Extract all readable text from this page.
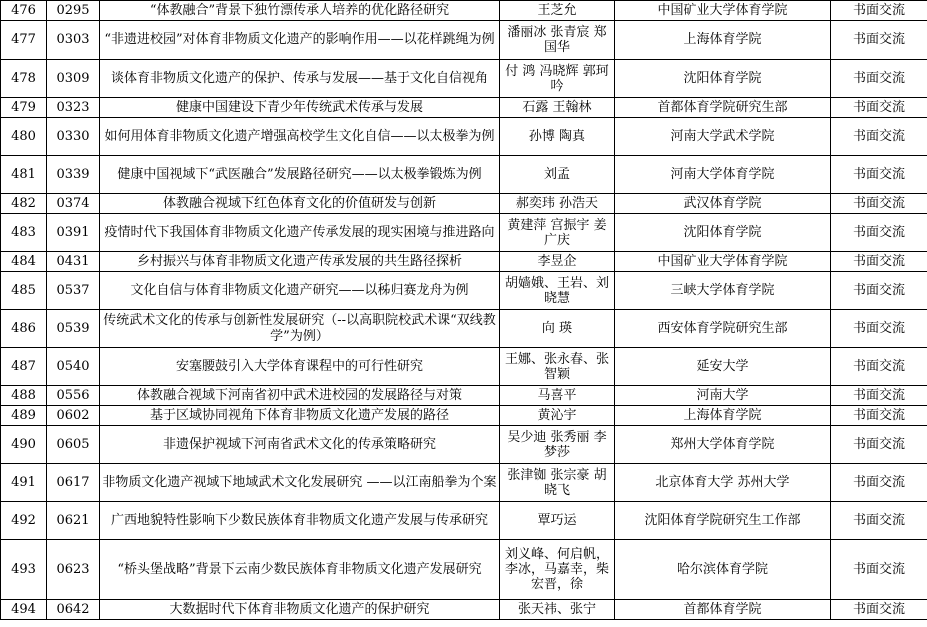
476	0295	“体教融合”背景下独竹漂传承人培养的优化路径研究	王芝允	中国矿业大学体育学院	书面交流
477	0303	“非遗进校园”对体育非物质文化遗产的影响作用——以花样跳绳为例	潘丽冰 张青宸 郑国华	上海体育学院	书面交流
478	0309	谈体育非物质文化遗产的保护、传承与发展——基于文化自信视角	付 鸿 冯晓辉 郭珂吟	沈阳体育学院	书面交流
479	0323	健康中国建设下青少年传统武术传承与发展	石露 王翰林	首都体育学院研究生部	书面交流
480	0330	如何用体育非物质文化遗产增强高校学生文化自信——以太极拳为例	孙博 陶真	河南大学武术学院	书面交流
481	0339	健康中国视域下“武医融合”发展路径研究——以太极拳锻炼为例	刘孟	河南大学体育学院	书面交流
482	0374	体教融合视域下红色体育文化的价值研发与创新	郝奕玮 孙浩天	武汉体育学院	书面交流
483	0391	疫情时代下我国体育非物质文化遗产传承发展的现实困境与推进路向	黄建萍 宫振宇 姜广庆	沈阳体育学院	书面交流
484	0431	乡村振兴与体育非物质文化遗产传承发展的共生路径探析	李昱企	中国矿业大学体育学院	书面交流
485	0537	文化自信与体育非物质文化遗产研究——以秭归赛龙舟为例	胡嫱娥、王岩、刘晓慧	三峡大学体育学院	书面交流
486	0539	传统武术文化的传承与创新性发展研究（--以高职院校武术课“双线教学”为例）	向 瑛	西安体育学院研究生部	书面交流
487	0540	安塞腰鼓引入大学体育课程中的可行性研究	王娜、张永春、张智颖	延安大学	书面交流
488	0556	体教融合视域下河南省初中武术进校园的发展路径与对策	马喜平	河南大学	书面交流
489	0602	基于区域协同视角下体育非物质文化遗产发展的路径	黄沁宇	上海体育学院	书面交流
490	0605	非遗保护视域下河南省武术文化的传承策略研究	吴少迪 张秀丽 李梦莎	郑州大学体育学院	书面交流
491	0617	非物质文化遗产视域下地域武术文化发展研究 ——以江南船拳为个案	张津铷 张宗豪 胡晓飞	北京体育大学 苏州大学	书面交流
492	0621	广西地貌特性影响下少数民族体育非物质文化遗产发展与传承研究	覃巧运	沈阳体育学院研究生工作部	书面交流
493	0623	“桥头堡战略”背景下云南少数民族体育非物质文化遗产发展研究	刘义峰、何启帆，李冰，马嘉幸，柴宏晋，徐	哈尔滨体育学院	书面交流
494	0642	大数据时代下体育非物质文化遗产的保护研究	张天祎、张宁	首都体育学院	书面交流
